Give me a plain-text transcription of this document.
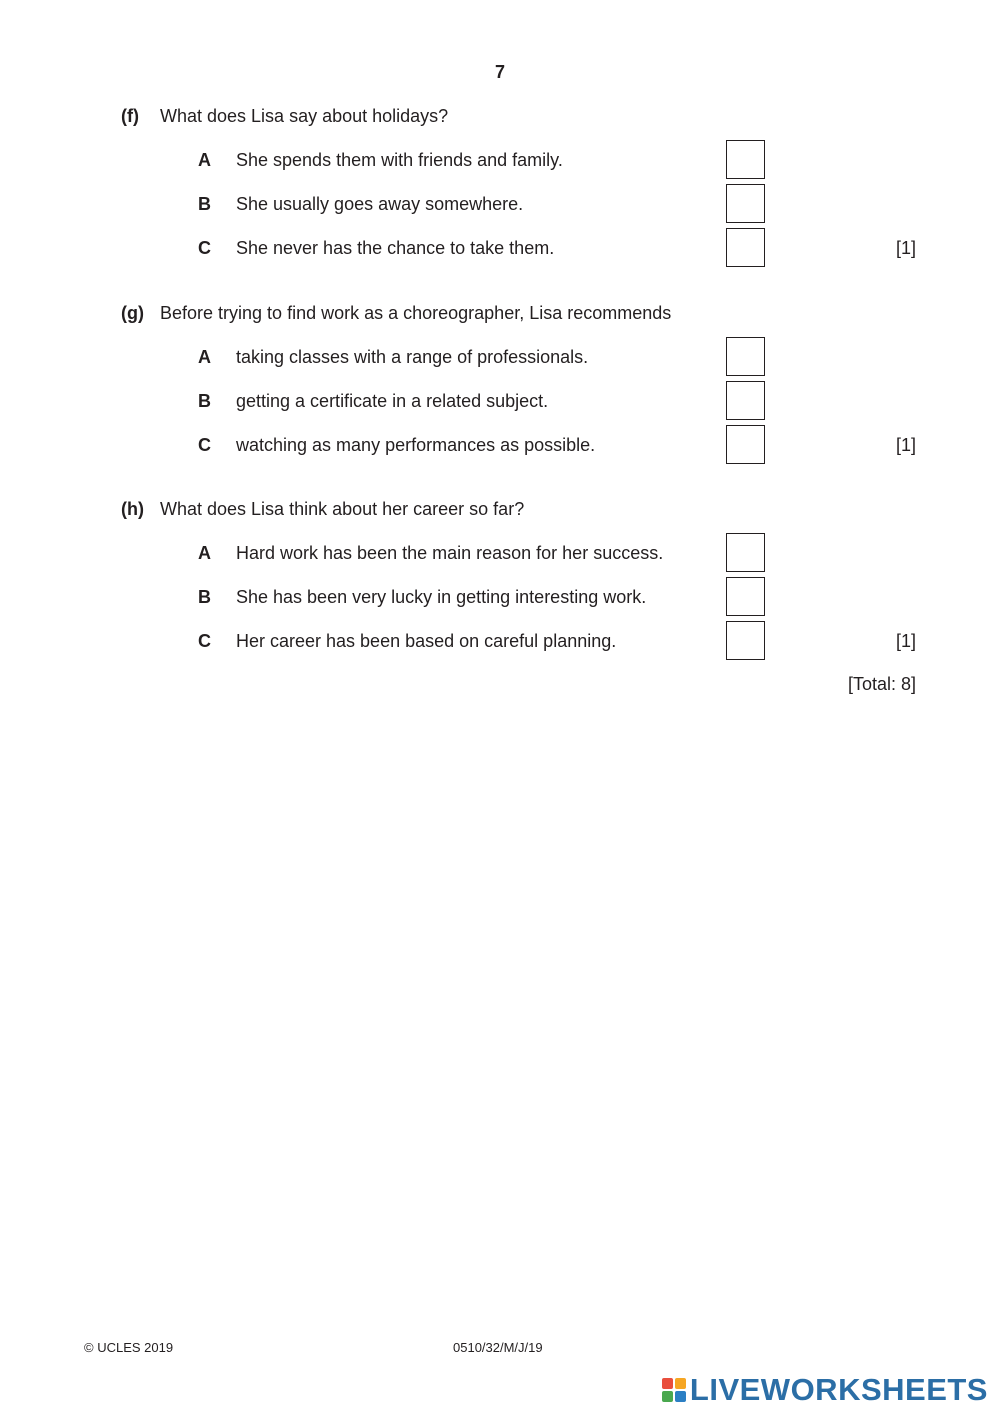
7
(f) What does Lisa say about holidays?
A She spends them with friends and family.
B She usually goes away somewhere.
C She never has the chance to take them.	[1]
(g) Before trying to find work as a choreographer, Lisa recommends
A taking classes with a range of professionals.
B getting a certificate in a related subject.
C watching as many performances as possible.	[1]
(h) What does Lisa think about her career so far?
A Hard work has been the main reason for her success.
B She has been very lucky in getting interesting work.
C Her career has been based on careful planning.	[1]
[Total: 8]
© UCLES 2019	0510/32/M/J/19
LIVEWORKSHEETS
